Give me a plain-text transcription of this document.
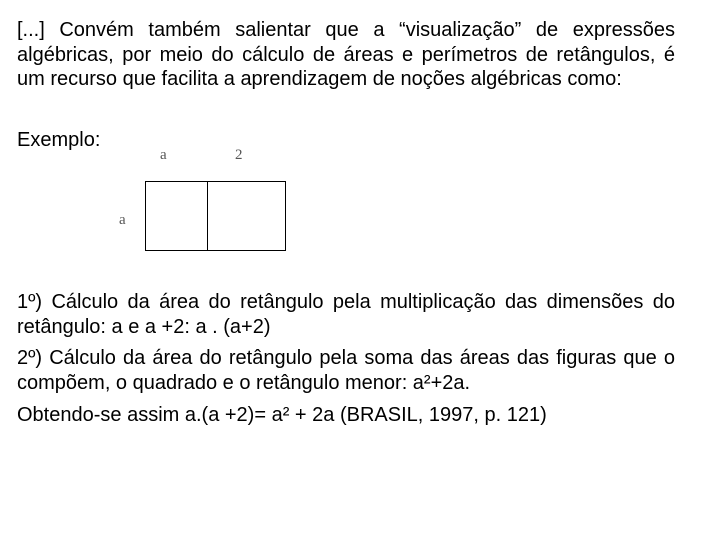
[...] Convém também salientar que a “visualização” de expressões algébricas, por meio do cálculo de áreas e perímetros de retângulos, é um recurso que facilita a aprendizagem de noções algébricas como:

Exemplo:

a	2
a

1º) Cálculo da área do retângulo pela multiplicação das dimensões do retângulo: a e a +2: a . (a+2)

2º) Cálculo da área do retângulo pela soma das áreas das figuras que o compõem, o quadrado e o retângulo menor: a²+2a.

Obtendo-se assim a.(a +2)= a² + 2a (BRASIL, 1997, p. 121)
